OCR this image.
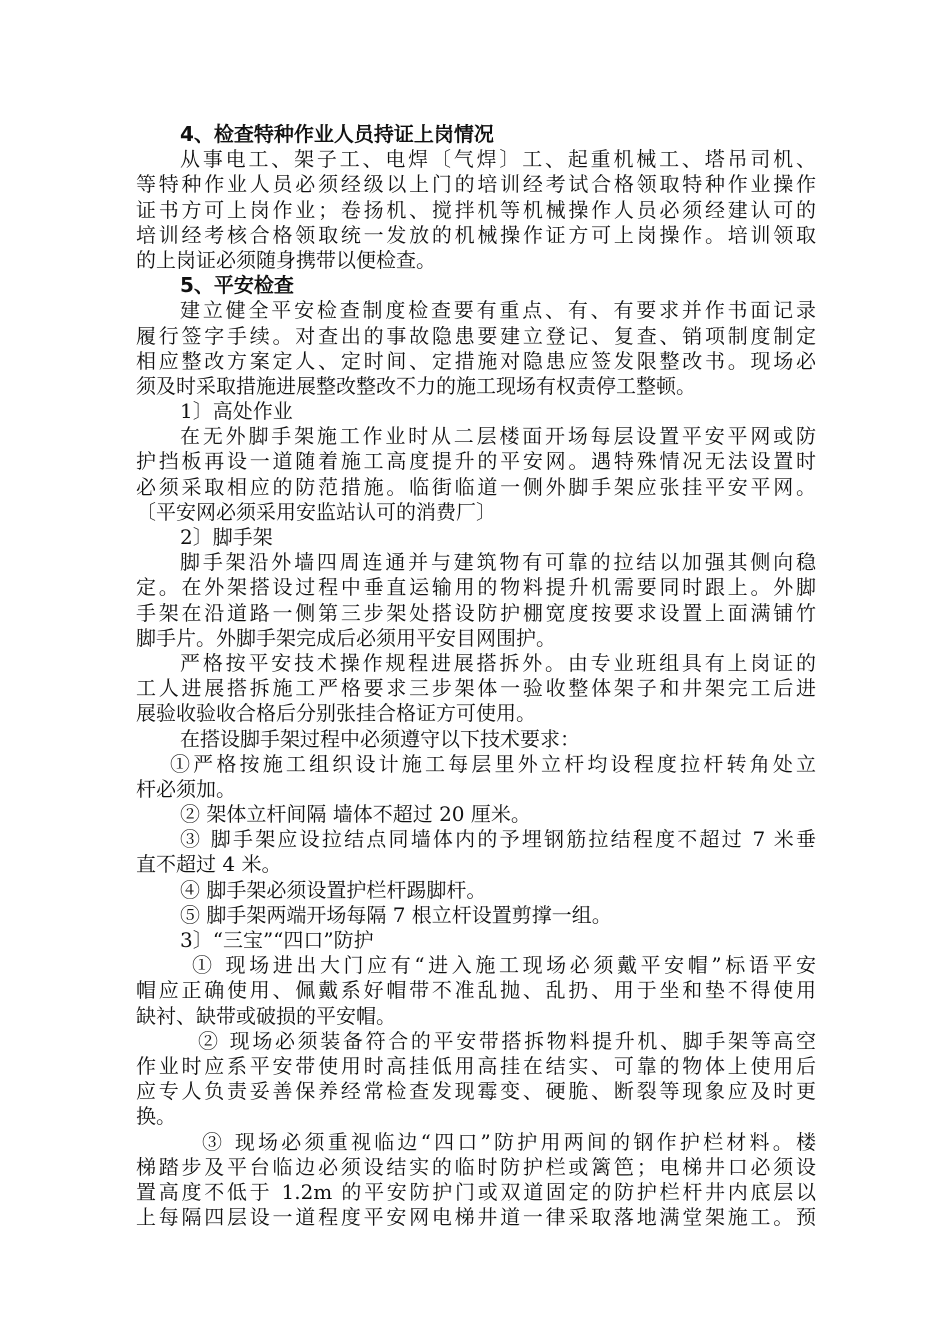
4、检查特种作业人员持证上岗情况
从事电工、架子工、电焊〔气焊〕工、起重机械工、塔吊司机、
等特种作业人员必须经级以上门的培训经考试合格领取特种作业操作
证书方可上岗作业；卷扬机、搅拌机等机械操作人员必须经建认可的
培训经考核合格领取统一发放的机械操作证方可上岗操作。培训领取
的上岗证必须随身携带以便检查。
5、平安检查
建立健全平安检查制度检查要有重点、有、有要求并作书面记录
履行签字手续。对查出的事故隐患要建立登记、复查、销项制度制定
相应整改方案定人、定时间、定措施对隐患应签发限整改书。现场必
须及时采取措施进展整改整改不力的施工现场有权责停工整顿。
1〕高处作业
在无外脚手架施工作业时从二层楼面开场每层设置平安平网或防
护挡板再设一道随着施工高度提升的平安网。遇特殊情况无法设置时
必须采取相应的防范措施。临街临道一侧外脚手架应张挂平安平网。
〔平安网必须采用安监站认可的消费厂〕
2〕脚手架
脚手架沿外墙四周连通并与建筑物有可靠的拉结以加强其侧向稳
定。在外架搭设过程中垂直运输用的物料提升机需要同时跟上。外脚
手架在沿道路一侧第三步架处搭设防护棚宽度按要求设置上面满铺竹
脚手片。外脚手架完成后必须用平安目网围护。
严格按平安技术操作规程进展搭拆外。由专业班组具有上岗证的
工人进展搭拆施工严格要求三步架体一验收整体架子和井架完工后进
展验收验收合格后分别张挂合格证方可使用。
在搭设脚手架过程中必须遵守以下技术要求：
①严格按施工组织设计施工每层里外立杆均设程度拉杆转角处立
杆必须加。
② 架体立杆间隔 墙体不超过 20 厘米。
③ 脚手架应设拉结点同墙体内的予埋钢筋拉结程度不超过 7 米垂
直不超过 4 米。
④ 脚手架必须设置护栏杆踢脚杆。
⑤ 脚手架两端开场每隔 7 根立杆设置剪撑一组。
3〕“三宝”“四口”防护
① 现场进出大门应有“进入施工现场必须戴平安帽”标语平安
帽应正确使用、佩戴系好帽带不准乱抛、乱扔、用于坐和垫不得使用
缺衬、缺带或破损的平安帽。
② 现场必须装备符合的平安带搭拆物料提升机、脚手架等高空
作业时应系平安带使用时高挂低用高挂在结实、可靠的物体上使用后
应专人负责妥善保养经常检查发现霉变、硬脆、断裂等现象应及时更
换。
③ 现场必须重视临边“四口”防护用两间的钢作护栏材料。楼
梯踏步及平台临边必须设结实的临时防护栏或篱笆；电梯井口必须设
置高度不低于 1.2m 的平安防护门或双道固定的防护栏杆井内底层以
上每隔四层设一道程度平安网电梯井道一律采取落地满堂架施工。预
